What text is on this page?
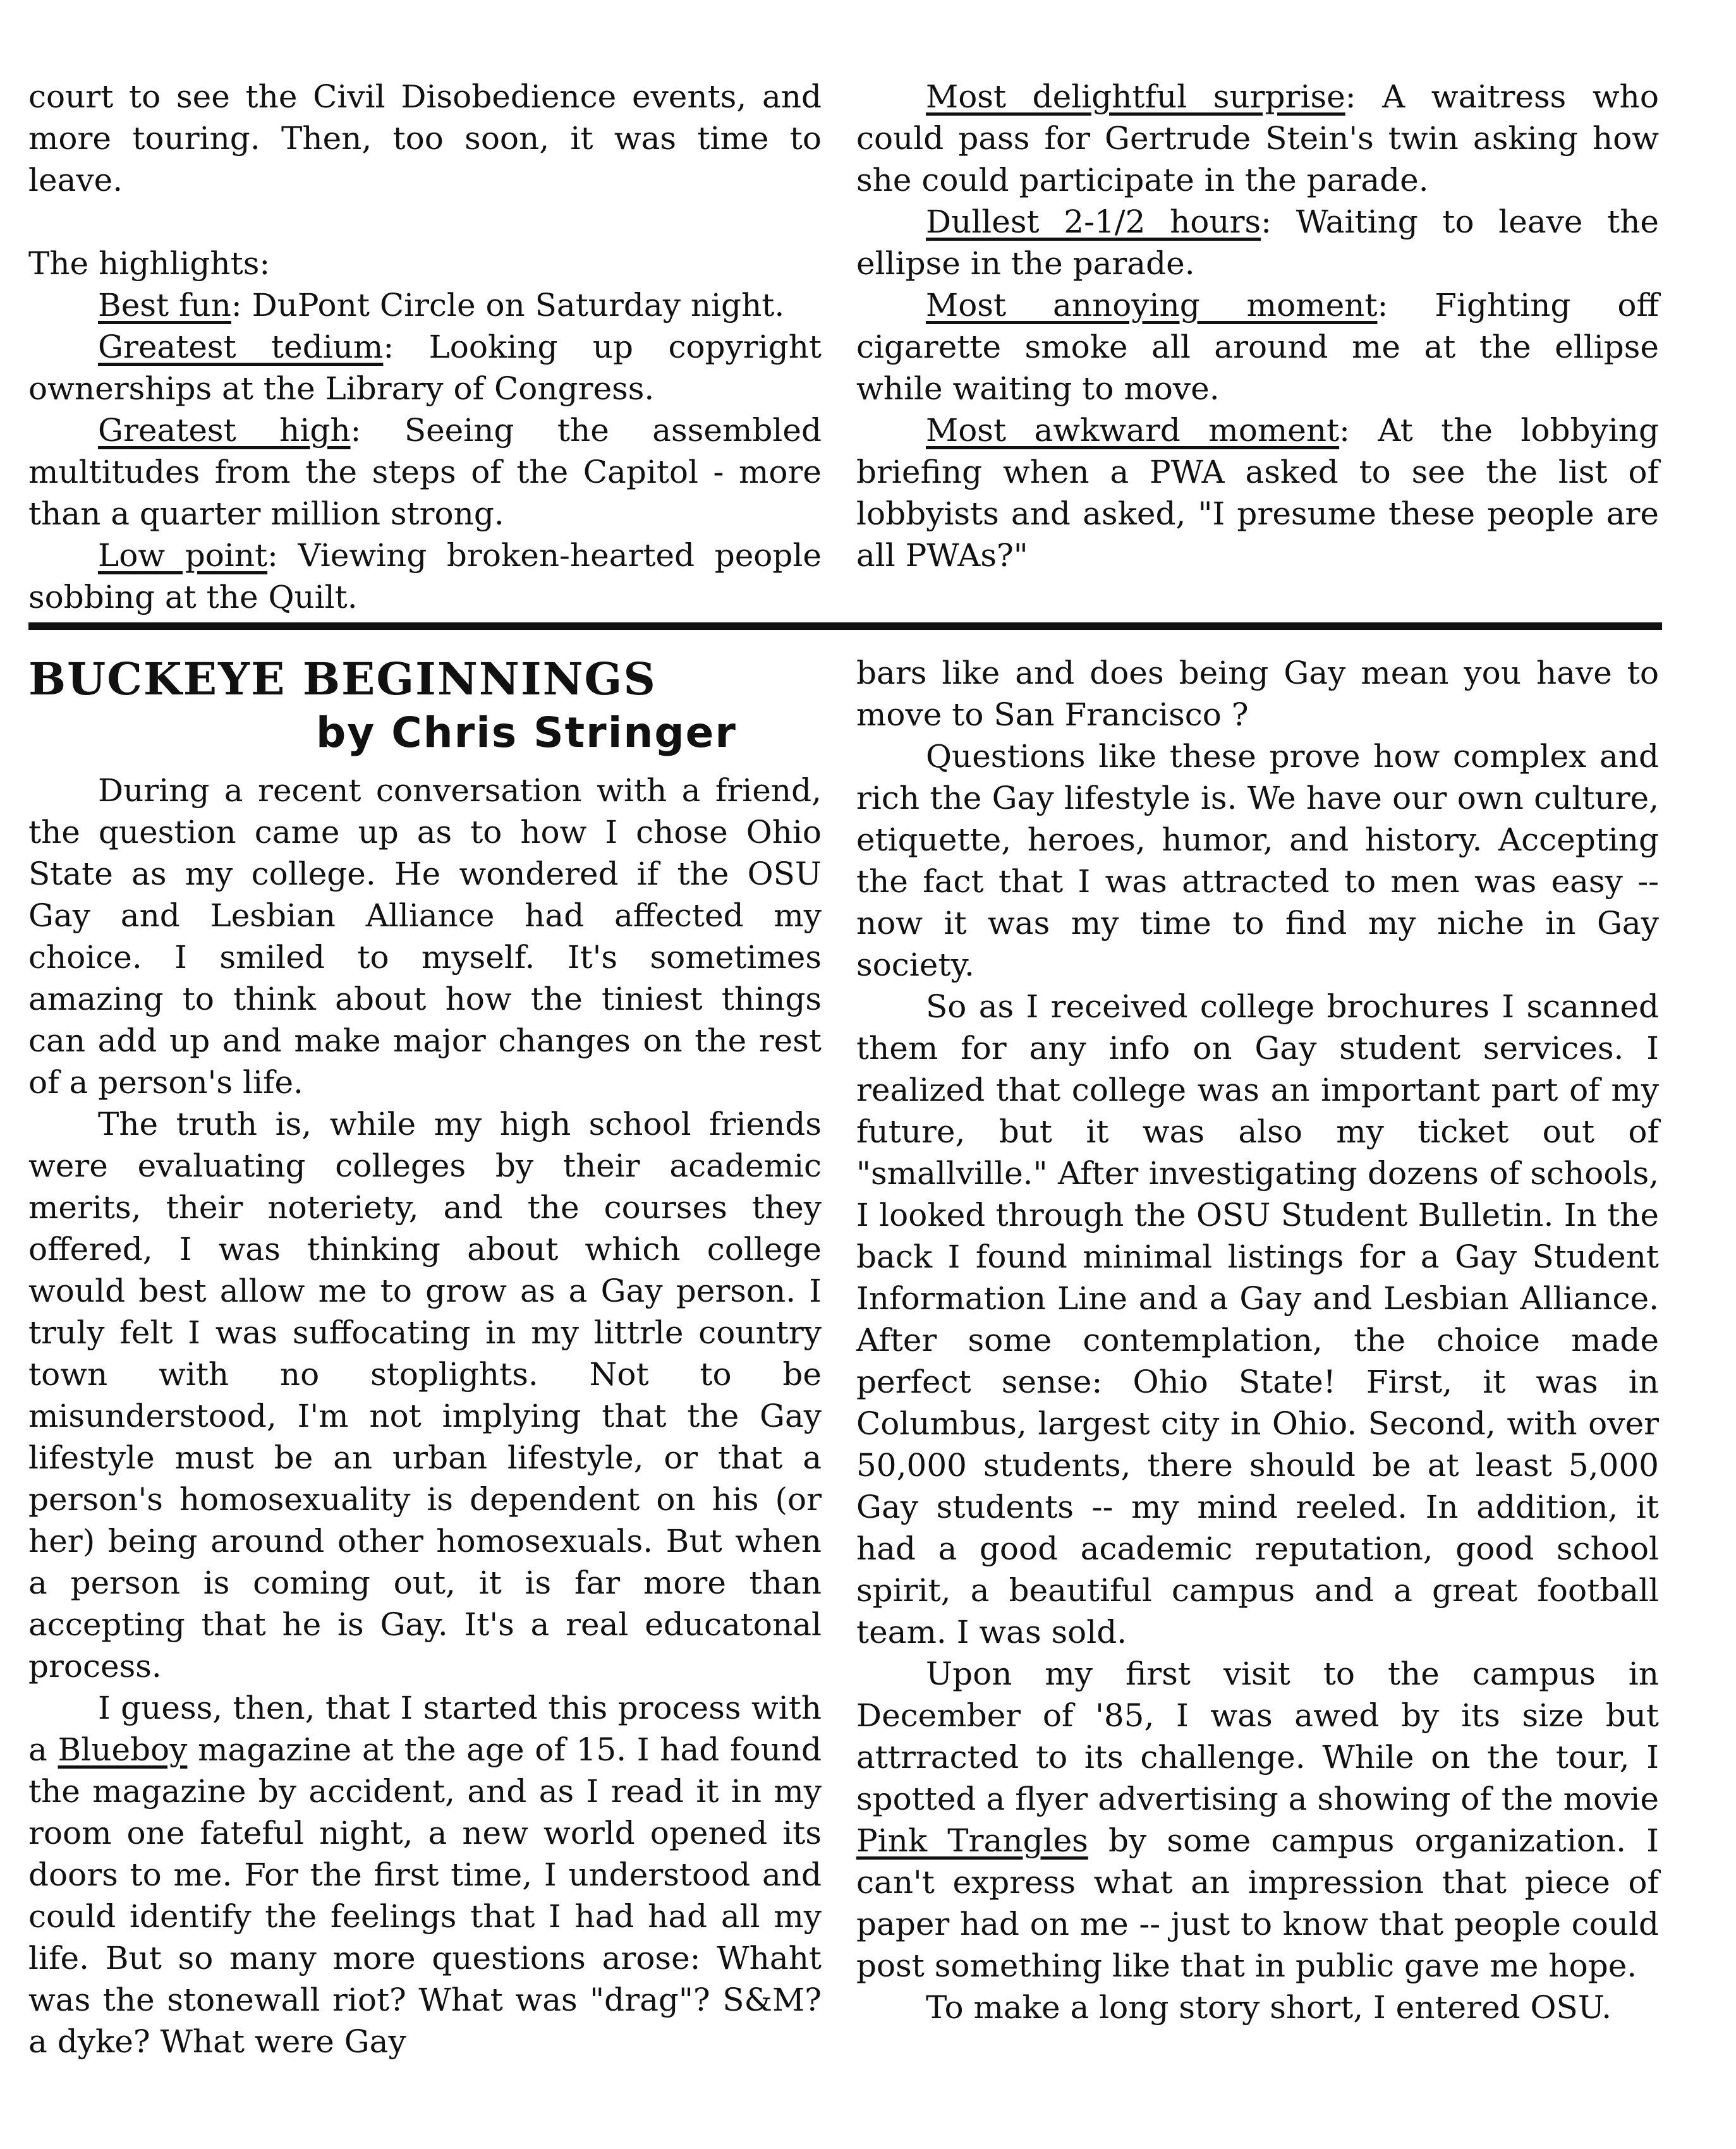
court to see the Civil Disobedience events, and more touring. Then, too soon, it was time to leave.

The highlights:

Best fun: DuPont Circle on Saturday night.

Greatest tedium: Looking up copyright ownerships at the Library of Congress.

Greatest high: Seeing the assembled multitudes from the steps of the Capitol - more than a quarter million strong.

Low point: Viewing broken-hearted people sobbing at the Quilt.

Most delightful surprise: A waitress who could pass for Gertrude Stein's twin asking how she could participate in the parade.

Dullest 2-1/2 hours: Waiting to leave the ellipse in the parade.

Most annoying moment: Fighting off cigarette smoke all around me at the ellipse while waiting to move.

Most awkward moment: At the lobbying briefing when a PWA asked to see the list of lobbyists and asked, "I presume these people are all PWAs?"

BUCKEYE BEGINNINGS
by Chris Stringer

During a recent conversation with a friend, the question came up as to how I chose Ohio State as my college. He wondered if the OSU Gay and Lesbian Alliance had affected my choice. I smiled to myself. It's sometimes amazing to think about how the tiniest things can add up and make major changes on the rest of a person's life.

The truth is, while my high school friends were evaluating colleges by their academic merits, their noteriety, and the courses they offered, I was thinking about which college would best allow me to grow as a Gay person. I truly felt I was suffocating in my littrle country town with no stoplights. Not to be misunderstood, I'm not implying that the Gay lifestyle must be an urban lifestyle, or that a person's homosexuality is dependent on his (or her) being around other homosexuals. But when a person is coming out, it is far more than accepting that he is Gay. It's a real educatonal process.

I guess, then, that I started this process with a Blueboy magazine at the age of 15. I had found the magazine by accident, and as I read it in my room one fateful night, a new world opened its doors to me. For the first time, I understood and could identify the feelings that I had had all my life. But so many more questions arose: Whaht was the stonewall riot? What was "drag"? S&M? a dyke? What were Gay

bars like and does being Gay mean you have to move to San Francisco ?

Questions like these prove how complex and rich the Gay lifestyle is. We have our own culture, etiquette, heroes, humor, and history. Accepting the fact that I was attracted to men was easy -- now it was my time to find my niche in Gay society.

So as I received college brochures I scanned them for any info on Gay student services. I realized that college was an important part of my future, but it was also my ticket out of "smallville." After investigating dozens of schools, I looked through the OSU Student Bulletin. In the back I found minimal listings for a Gay Student Information Line and a Gay and Lesbian Alliance. After some contemplation, the choice made perfect sense: Ohio State! First, it was in Columbus, largest city in Ohio. Second, with over 50,000 students, there should be at least 5,000 Gay students -- my mind reeled. In addition, it had a good academic reputation, good school spirit, a beautiful campus and a great football team. I was sold.

Upon my first visit to the campus in December of '85, I was awed by its size but attrracted to its challenge. While on the tour, I spotted a flyer advertising a showing of the movie Pink Trangles by some campus organization. I can't express what an impression that piece of paper had on me -- just to know that people could post something like that in public gave me hope.

To make a long story short, I entered OSU.
